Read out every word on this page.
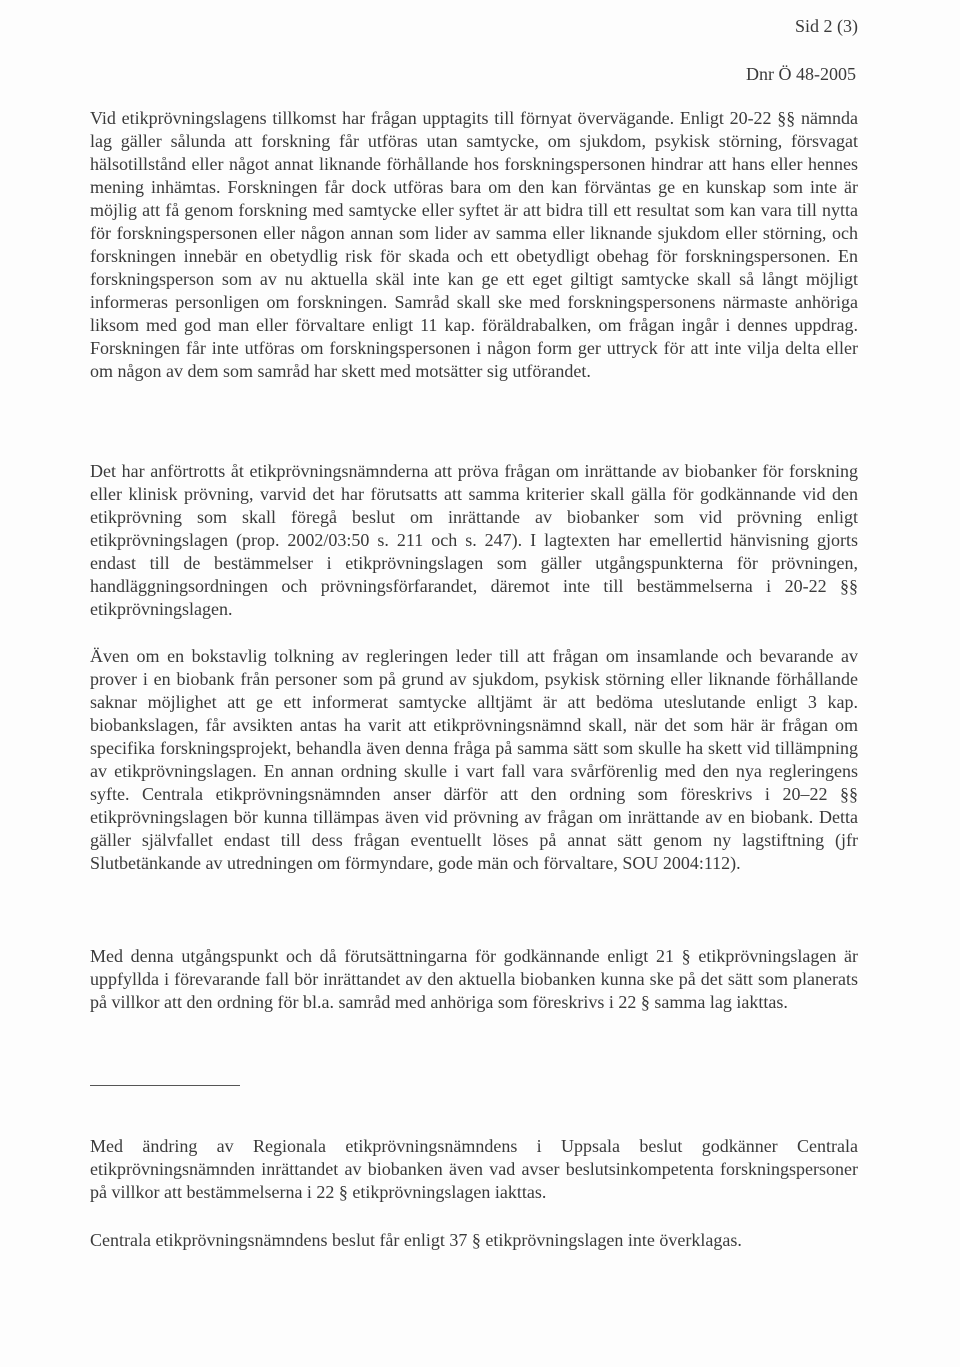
Sid 2 (3)
Dnr Ö 48-2005

Vid etikprövningslagens tillkomst har frågan upptagits till förnyat övervägande. Enligt 20-22 §§ nämnda lag gäller sålunda att forskning får utföras utan samtycke, om sjukdom, psykisk störning, försvagat hälsotillstånd eller något annat liknande förhållande hos forskningspersonen hindrar att hans eller hennes mening inhämtas. Forskningen får dock utföras bara om den kan förväntas ge en kunskap som inte är möjlig att få genom forskning med samtycke eller syftet är att bidra till ett resultat som kan vara till nytta för forskningspersonen eller någon annan som lider av samma eller liknande sjukdom eller störning, och forskningen innebär en obetydlig risk för skada och ett obetydligt obehag för forskningspersonen. En forskningsperson som av nu aktuella skäl inte kan ge ett eget giltigt samtycke skall så långt möjligt informeras personligen om forskningen. Samråd skall ske med forskningspersonens närmaste anhöriga liksom med god man eller förvaltare enligt 11 kap. föräldrabalken, om frågan ingår i dennes uppdrag. Forskningen får inte utföras om forskningspersonen i någon form ger uttryck för att inte vilja delta eller om någon av dem som samråd har skett med motsätter sig utförandet.

Det har anförtrotts åt etikprövningsnämnderna att pröva frågan om inrättande av biobanker för forskning eller klinisk prövning, varvid det har förutsatts att samma kriterier skall gälla för godkännande vid den etikprövning som skall föregå beslut om inrättande av biobanker som vid prövning enligt etikprövningslagen (prop. 2002/03:50 s. 211 och s. 247). I lagtexten har emellertid hänvisning gjorts endast till de bestämmelser i etikprövningslagen som gäller utgångspunkterna för prövningen, handläggningsordningen och prövningsförfarandet, däremot inte till bestämmelserna i 20-22 §§ etikprövningslagen.

Även om en bokstavlig tolkning av regleringen leder till att frågan om insamlande och bevarande av prover i en biobank från personer som på grund av sjukdom, psykisk störning eller liknande förhållande saknar möjlighet att ge ett informerat samtycke alltjämt är att bedöma uteslutande enligt 3 kap. biobankslagen, får avsikten antas ha varit att etikprövningsnämnd skall, när det som här är frågan om specifika forskningsprojekt, behandla även denna fråga på samma sätt som skulle ha skett vid tillämpning av etikprövningslagen. En annan ordning skulle i vart fall vara svårförenlig med den nya regleringens syfte. Centrala etikprövningsnämnden anser därför att den ordning som föreskrivs i 20–22 §§ etikprövningslagen bör kunna tillämpas även vid prövning av frågan om inrättande av en biobank. Detta gäller självfallet endast till dess frågan eventuellt löses på annat sätt genom ny lagstiftning (jfr Slutbetänkande av utredningen om förmyndare, gode män och förvaltare, SOU 2004:112).

Med denna utgångspunkt och då förutsättningarna för godkännande enligt 21 § etikprövningslagen är uppfyllda i förevarande fall bör inrättandet av den aktuella biobanken kunna ske på det sätt som planerats på villkor att den ordning för bl.a. samråd med anhöriga som föreskrivs i 22 § samma lag iakttas.

Med ändring av Regionala etikprövningsnämndens i Uppsala beslut godkänner Centrala etikprövningsnämnden inrättandet av biobanken även vad avser beslutsinkompetenta forskningspersoner på villkor att bestämmelserna i 22 § etikprövningslagen iakttas.

Centrala etikprövningsnämndens beslut får enligt 37 § etikprövningslagen inte överklagas.
